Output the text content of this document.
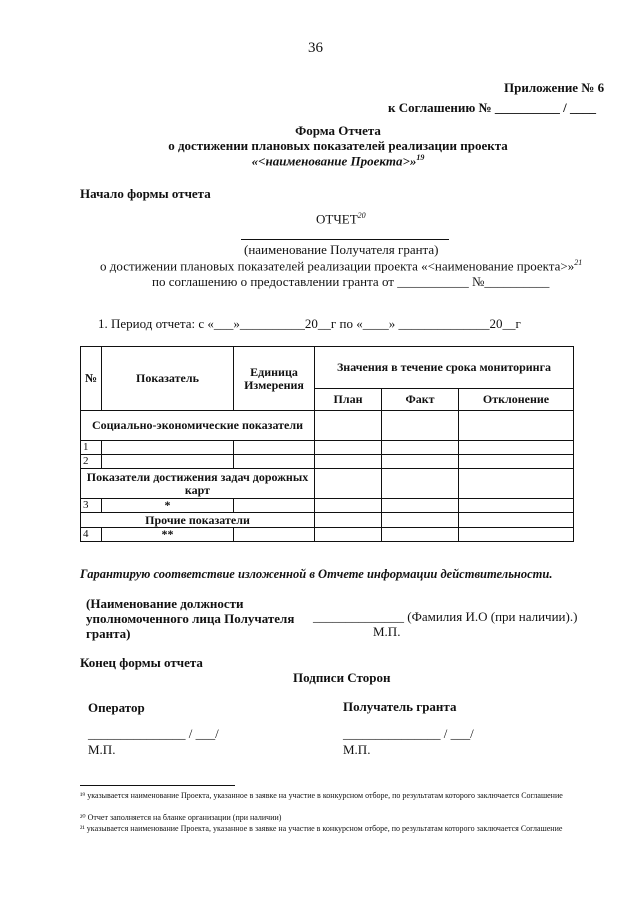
36
Приложение № 6
к Соглашению № __________ / ____
Форма Отчета
о достижении плановых показателей реализации проекта
«<наименование Проекта>»$^{19}$
Начало формы отчета
ОТЧЕТ$^{20}$
(наименование Получателя гранта)
о достижении плановых показателей реализации проекта «<наименование проекта>»$^{21}$
по соглашению о предоставлении гранта от ___________ №__________
1. Период отчета: с «___»__________20__г по «____» ______________20__г
№	Показатель	Единица Измерения	Значения в течение срока мониторинга		
			План	Факт	Отклонение
Социально-экономические показатели					
1					
2					
Показатели достижения задач дорожных карт					
3	*				
Прочие показатели					
4	**				
Гарантирую соответствие изложенной в Отчете информации действительности.
(Наименование должности
уполномоченного лица Получателя
гранта)
______________ (Фамилия И.О (при наличии).)
М.П.
Конец формы отчета
Подписи Сторон
Оператор	Получатель гранта
_______________ / ___/	_______________ / ___/
М.П.	М.П.
¹⁹ указывается наименование Проекта, указанное в заявке на участие в конкурсном отборе, по результатам которого заключается Соглашение
²⁰ Отчет заполняется на бланке организации (при наличии)
²¹ указывается наименование Проекта, указанное в заявке на участие в конкурсном отборе, по результатам которого заключается Соглашение
